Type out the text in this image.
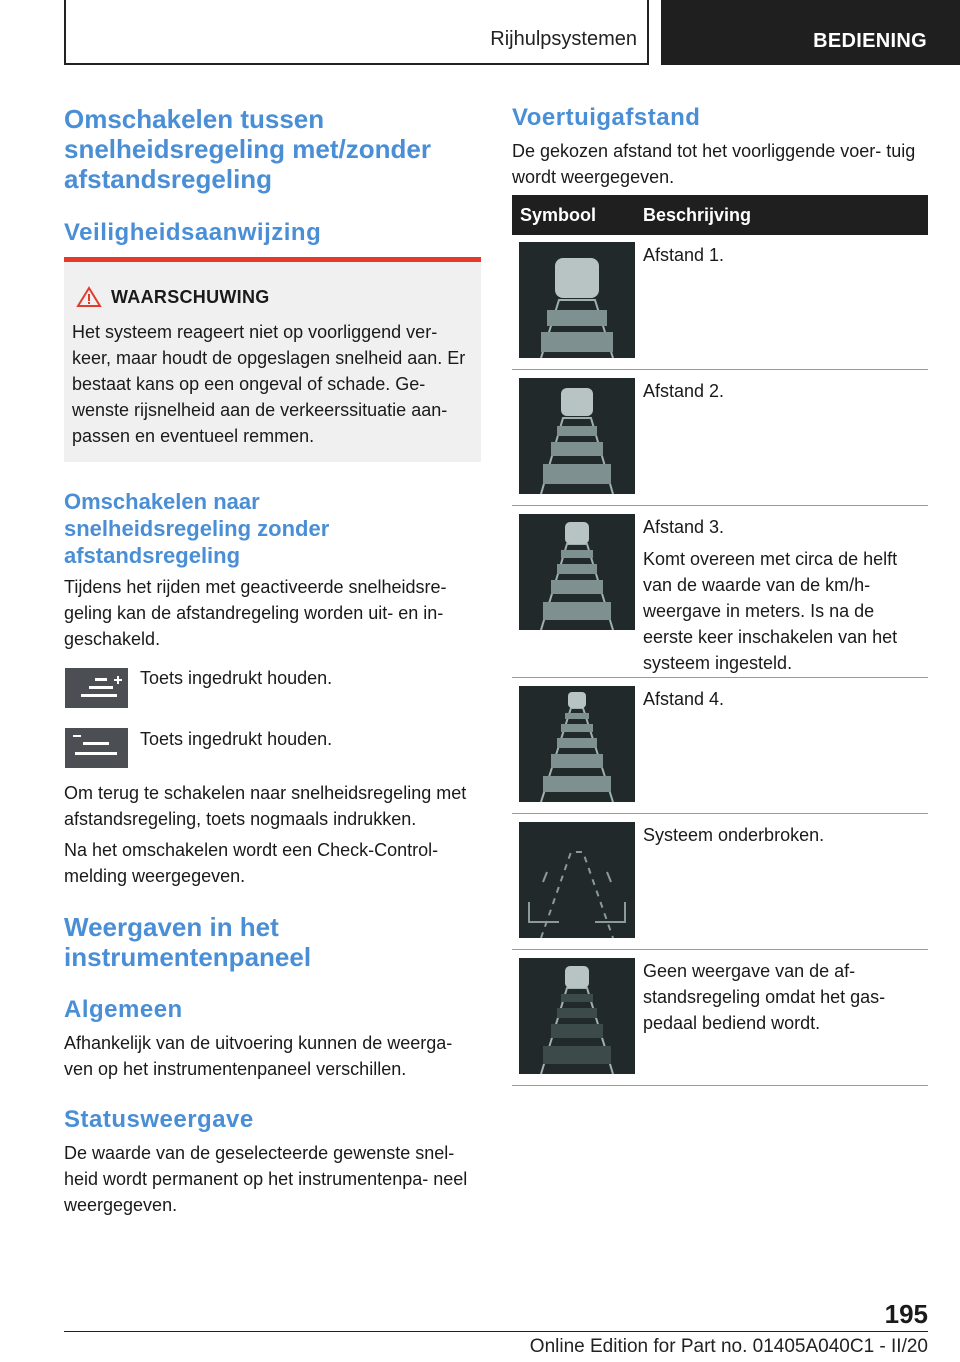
Rijhulpsystemen	BEDIENING
Omschakelen tussen snelheidsregeling met/zonder afstandsregeling
Veiligheidsaanwijzing
WAARSCHUWING
Het systeem reageert niet op voorliggend ver- keer, maar houdt de opgeslagen snelheid aan. Er bestaat kans op een ongeval of schade. Ge- wenste rijsnelheid aan de verkeerssituatie aan- passen en eventueel remmen.
Omschakelen naar snelheidsregeling zonder afstandsregeling

Tijdens het rijden met geactiveerde snelheidsre- geling kan de afstandregeling worden uit- en in- geschakeld.

Toets ingedrukt houden.

Toets ingedrukt houden.

Om terug te schakelen naar snelheidsregeling met afstandsregeling, toets nogmaals indrukken.

Na het omschakelen wordt een Check-Control- melding weergegeven.

Weergaven in het instrumentenpaneel
Algemeen

Afhankelijk van de uitvoering kunnen de weerga- ven op het instrumentenpaneel verschillen.

Statusweergave

De waarde van de geselecteerde gewenste snel- heid wordt permanent op het instrumentenpa- neel weergegeven.

Voertuigafstand

De gekozen afstand tot het voorliggende voer- tuig wordt weergegeven.

Symbool	Beschrijving

Afstand 1.

Afstand 2.

Afstand 3.

Komt overeen met circa de helft van de waarde van de km/h- weergave in meters. Is na de eerste keer inschakelen van het systeem ingesteld.

Afstand 4.

Systeem onderbroken.

Geen weergave van de af- standsregeling omdat het gas- pedaal bediend wordt.

195
Online Edition for Part no. 01405A040C1 - II/20
